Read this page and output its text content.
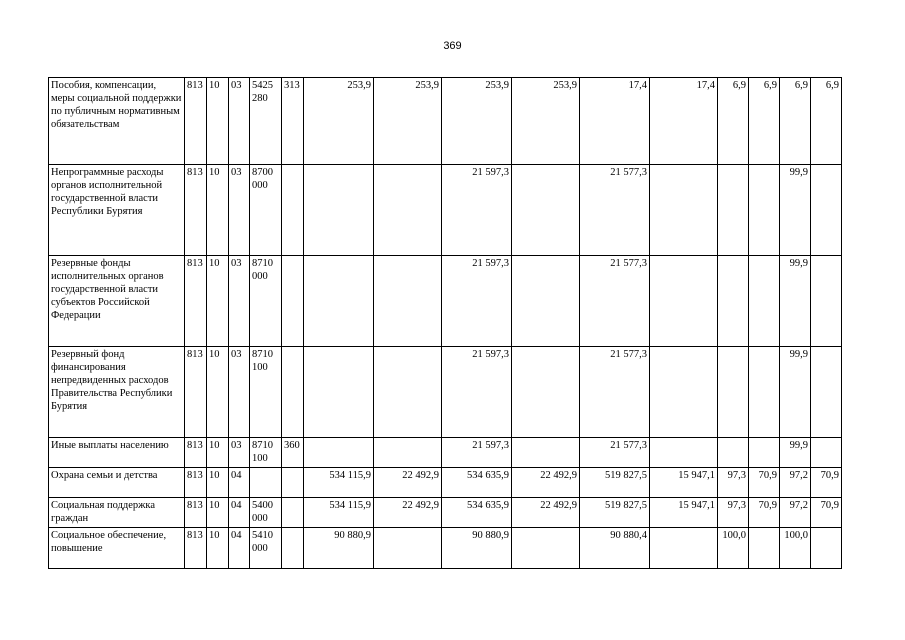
369
Пособия, компенсации, меры социальной поддержки по публичным нормативным обязательствам	813	10	03	5425 280	313	253,9	253,9	253,9	253,9	17,4	17,4	6,9	6,9	6,9	6,9
Непрограммные расходы органов исполнительной государственной власти Республики Бурятия	813	10	03	8700 000				21 597,3		21 577,3				99,9	
Резервные фонды исполнительных органов государственной власти субъектов Российской Федерации	813	10	03	8710 000				21 597,3		21 577,3				99,9	
Резервный фонд финансирования непредвиденных расходов Правительства Республики Бурятия	813	10	03	8710 100				21 597,3		21 577,3				99,9	
Иные выплаты населению	813	10	03	8710 100	360			21 597,3		21 577,3				99,9	
Охрана семьи и детства	813	10	04			534 115,9	22 492,9	534 635,9	22 492,9	519 827,5	15 947,1	97,3	70,9	97,2	70,9
Социальная поддержка граждан	813	10	04	5400 000		534 115,9	22 492,9	534 635,9	22 492,9	519 827,5	15 947,1	97,3	70,9	97,2	70,9
Социальное обеспечение, повышение	813	10	04	5410 000		90 880,9		90 880,9		90 880,4		100,0		100,0	
